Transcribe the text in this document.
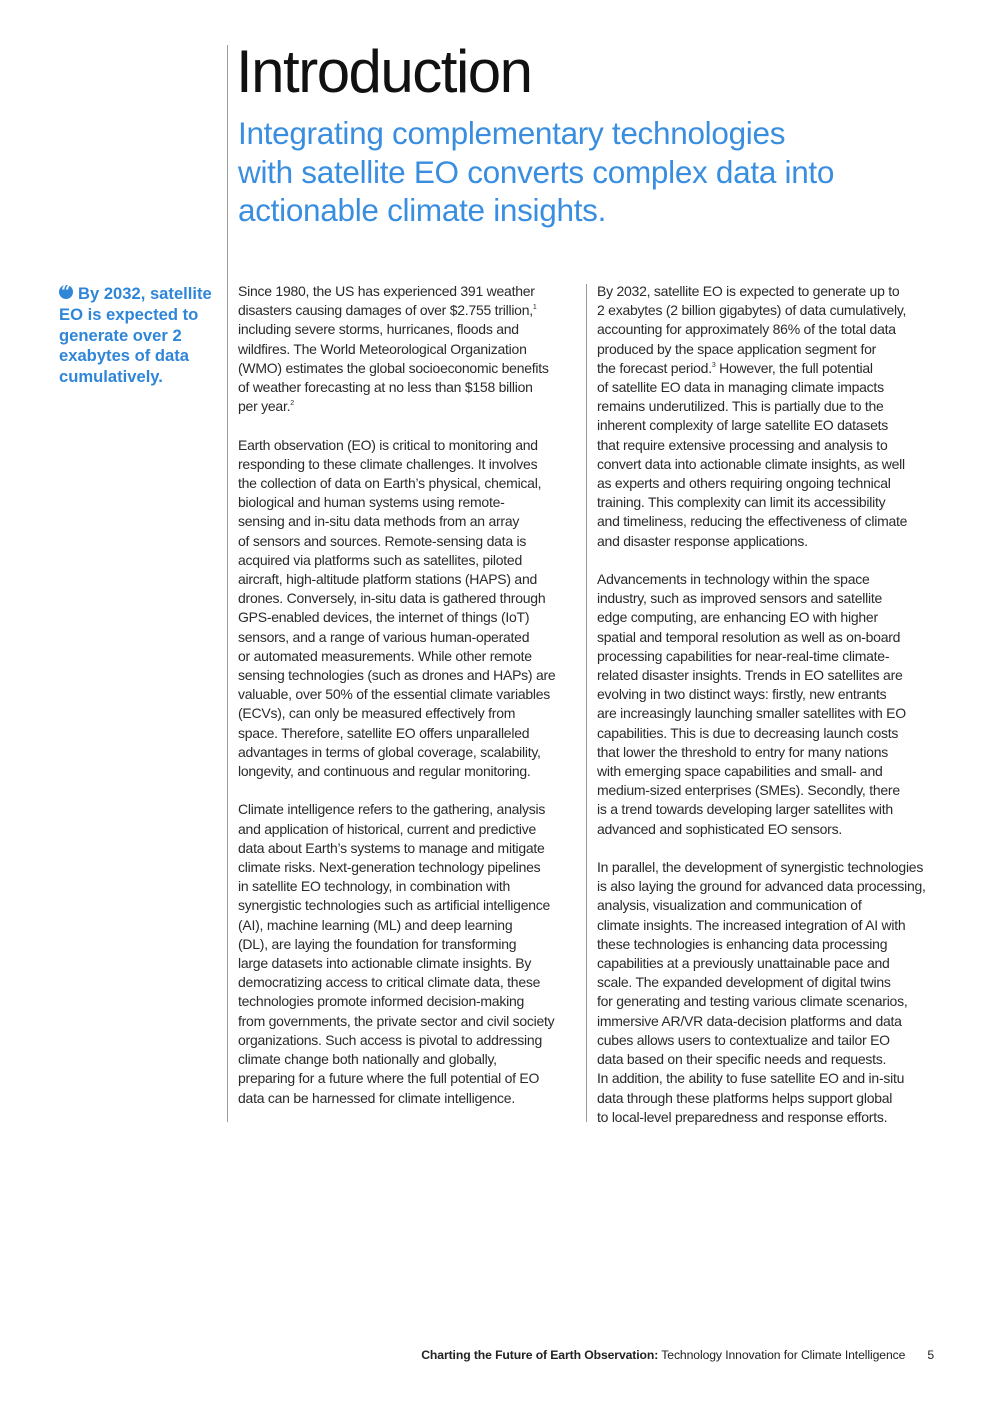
Introduction
Integrating complementary technologies
with satellite EO converts complex data into
actionable climate insights.
“By 2032, satellite
EO is expected to
generate over 2
exabytes of data
cumulatively.
Since 1980, the US has experienced 391 weather
disasters causing damages of over $2.755 trillion,$^1$
including severe storms, hurricanes, floods and
wildfires. The World Meteorological Organization
(WMO) estimates the global socioeconomic benefits
of weather forecasting at no less than $158 billion
per year.$^2$
Earth observation (EO) is critical to monitoring and
responding to these climate challenges. It involves
the collection of data on Earth’s physical, chemical,
biological and human systems using remote-
sensing and in-situ data methods from an array
of sensors and sources. Remote-sensing data is
acquired via platforms such as satellites, piloted
aircraft, high-altitude platform stations (HAPS) and
drones. Conversely, in-situ data is gathered through
GPS-enabled devices, the internet of things (IoT)
sensors, and a range of various human-operated
or automated measurements. While other remote
sensing technologies (such as drones and HAPs) are
valuable, over 50% of the essential climate variables
(ECVs), can only be measured effectively from
space. Therefore, satellite EO offers unparalleled
advantages in terms of global coverage, scalability,
longevity, and continuous and regular monitoring.
Climate intelligence refers to the gathering, analysis
and application of historical, current and predictive
data about Earth’s systems to manage and mitigate
climate risks. Next-generation technology pipelines
in satellite EO technology, in combination with
synergistic technologies such as artificial intelligence
(AI), machine learning (ML) and deep learning
(DL), are laying the foundation for transforming
large datasets into actionable climate insights. By
democratizing access to critical climate data, these
technologies promote informed decision-making
from governments, the private sector and civil society
organizations. Such access is pivotal to addressing
climate change both nationally and globally,
preparing for a future where the full potential of EO
data can be harnessed for climate intelligence.
By 2032, satellite EO is expected to generate up to
2 exabytes (2 billion gigabytes) of data cumulatively,
accounting for approximately 86% of the total data
produced by the space application segment for
the forecast period.$^3$ However, the full potential
of satellite EO data in managing climate impacts
remains underutilized. This is partially due to the
inherent complexity of large satellite EO datasets
that require extensive processing and analysis to
convert data into actionable climate insights, as well
as experts and others requiring ongoing technical
training. This complexity can limit its accessibility
and timeliness, reducing the effectiveness of climate
and disaster response applications.
Advancements in technology within the space
industry, such as improved sensors and satellite
edge computing, are enhancing EO with higher
spatial and temporal resolution as well as on-board
processing capabilities for near-real-time climate-
related disaster insights. Trends in EO satellites are
evolving in two distinct ways: firstly, new entrants
are increasingly launching smaller satellites with EO
capabilities. This is due to decreasing launch costs
that lower the threshold to entry for many nations
with emerging space capabilities and small- and
medium-sized enterprises (SMEs). Secondly, there
is a trend towards developing larger satellites with
advanced and sophisticated EO sensors.
In parallel, the development of synergistic technologies
is also laying the ground for advanced data processing,
analysis, visualization and communication of
climate insights. The increased integration of AI with
these technologies is enhancing data processing
capabilities at a previously unattainable pace and
scale. The expanded development of digital twins
for generating and testing various climate scenarios,
immersive AR/VR data-decision platforms and data
cubes allows users to contextualize and tailor EO
data based on their specific needs and requests.
In addition, the ability to fuse satellite EO and in-situ
data through these platforms helps support global
to local-level preparedness and response efforts.
Charting the Future of Earth Observation: Technology Innovation for Climate Intelligence 5
